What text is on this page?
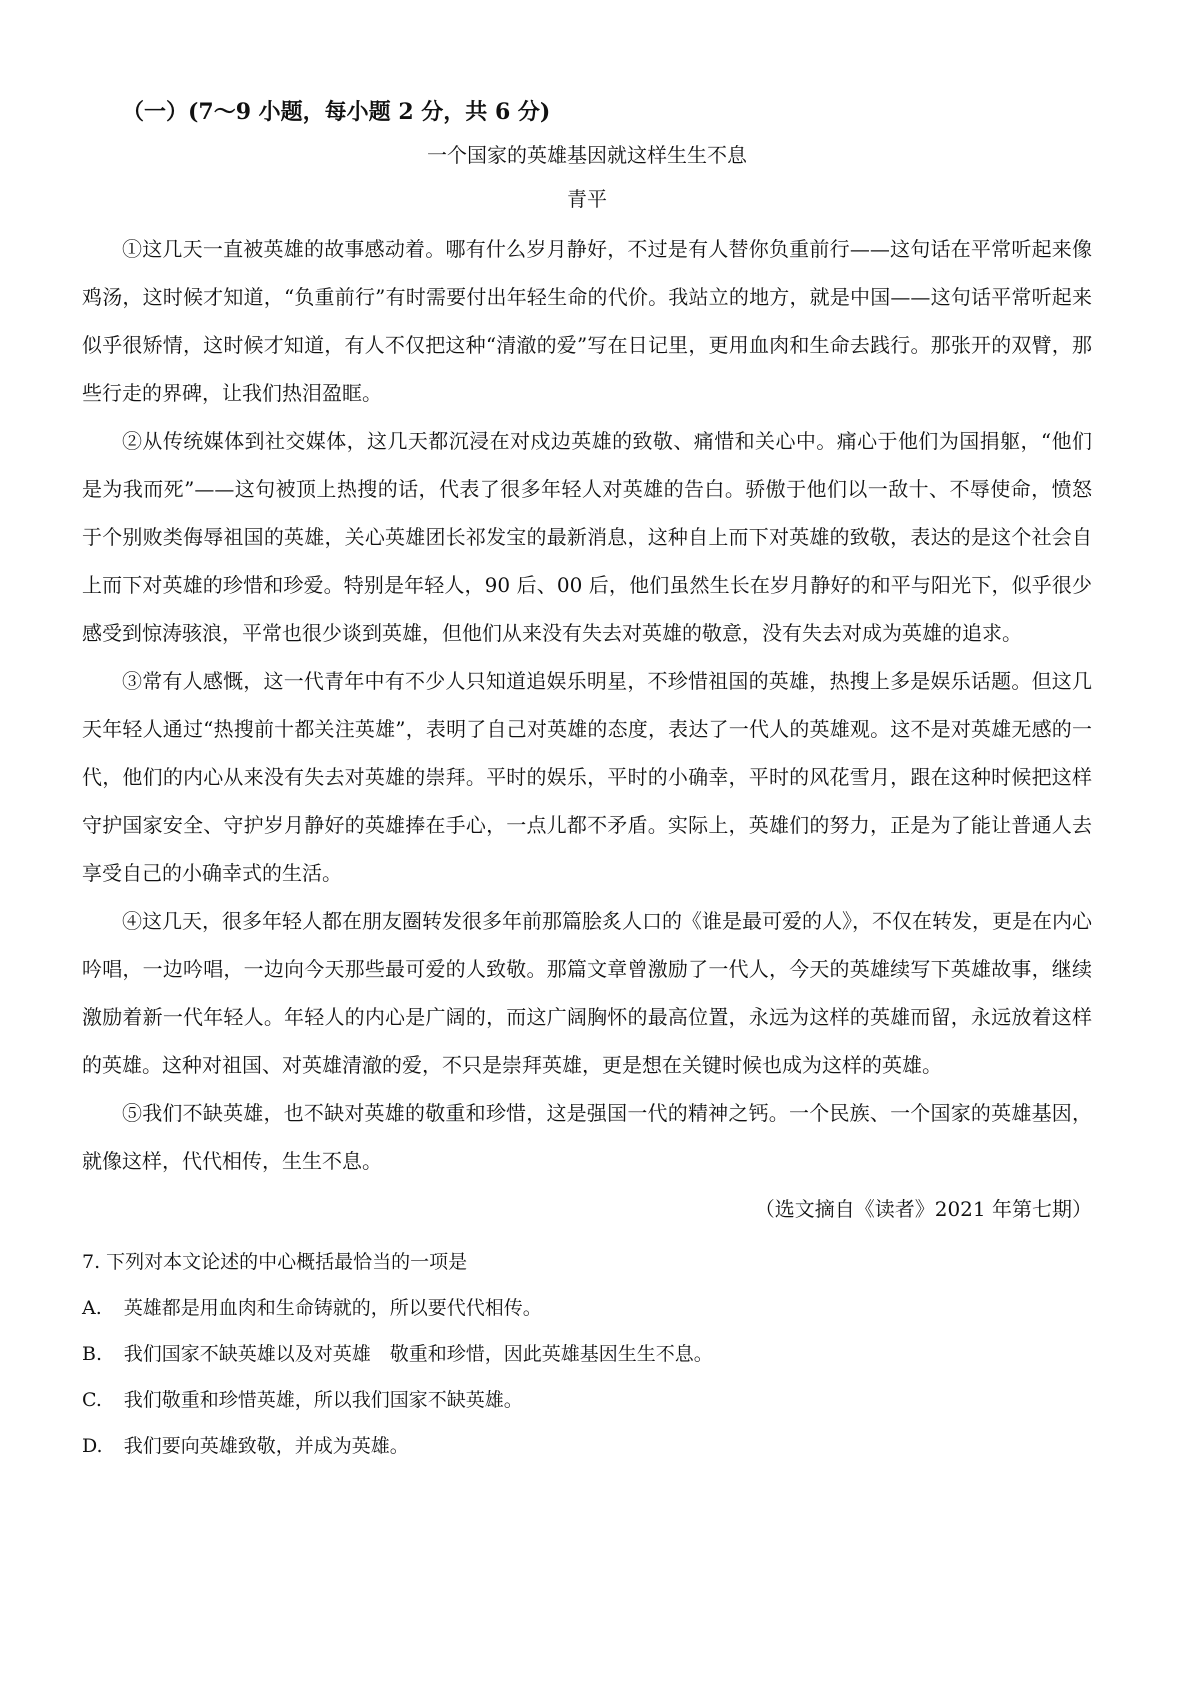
（一）(7～9 小题，每小题 2 分，共 6 分)
一个国家的英雄基因就这样生生不息
青平

①这几天一直被英雄的故事感动着。哪有什么岁月静好，不过是有人替你负重前行——这句话在平常听起来像鸡汤，这时候才知道，“负重前行”有时需要付出年轻生命的代价。我站立的地方，就是中国——这句话平常听起来似乎很矫情，这时候才知道，有人不仅把这种“清澈的爱”写在日记里，更用血肉和生命去践行。那张开的双臂，那些行走的界碑，让我们热泪盈眶。

②从传统媒体到社交媒体，这几天都沉浸在对戍边英雄的致敬、痛惜和关心中。痛心于他们为国捐躯，“他们是为我而死”——这句被顶上热搜的话，代表了很多年轻人对英雄的告白。骄傲于他们以一敌十、不辱使命，愤怒于个别败类侮辱祖国的英雄，关心英雄团长祁发宝的最新消息，这种自上而下对英雄的致敬，表达的是这个社会自上而下对英雄的珍惜和珍爱。特别是年轻人，90 后、00 后，他们虽然生长在岁月静好的和平与阳光下，似乎很少感受到惊涛骇浪，平常也很少谈到英雄，但他们从来没有失去对英雄的敬意，没有失去对成为英雄的追求。

③常有人感慨，这一代青年中有不少人只知道追娱乐明星，不珍惜祖国的英雄，热搜上多是娱乐话题。但这几天年轻人通过“热搜前十都关注英雄”，表明了自己对英雄的态度，表达了一代人的英雄观。这不是对英雄无感的一代，他们的内心从来没有失去对英雄的崇拜。平时的娱乐，平时的小确幸，平时的风花雪月，跟在这种时候把这样守护国家安全、守护岁月静好的英雄捧在手心，一点儿都不矛盾。实际上，英雄们的努力，正是为了能让普通人去享受自己的小确幸式的生活。

④这几天，很多年轻人都在朋友圈转发很多年前那篇脍炙人口的《谁是最可爱的人》，不仅在转发，更是在内心吟唱，一边吟唱，一边向今天那些最可爱的人致敬。那篇文章曾激励了一代人，今天的英雄续写下英雄故事，继续激励着新一代年轻人。年轻人的内心是广阔的，而这广阔胸怀的最高位置，永远为这样的英雄而留，永远放着这样的英雄。这种对祖国、对英雄清澈的爱，不只是崇拜英雄，更是想在关键时候也成为这样的英雄。

⑤我们不缺英雄，也不缺对英雄的敬重和珍惜，这是强国一代的精神之钙。一个民族、一个国家的英雄基因，就像这样，代代相传，生生不息。

（选文摘自《读者》2021 年第七期）

7. 下列对本文论述的中心概括最恰当的一项是

A.	英雄都是用血肉和生命铸就的，所以要代代相传。
B.	我们国家不缺英雄以及对英雄　敬重和珍惜，因此英雄基因生生不息。
C.	我们敬重和珍惜英雄，所以我们国家不缺英雄。
D.	我们要向英雄致敬，并成为英雄。
